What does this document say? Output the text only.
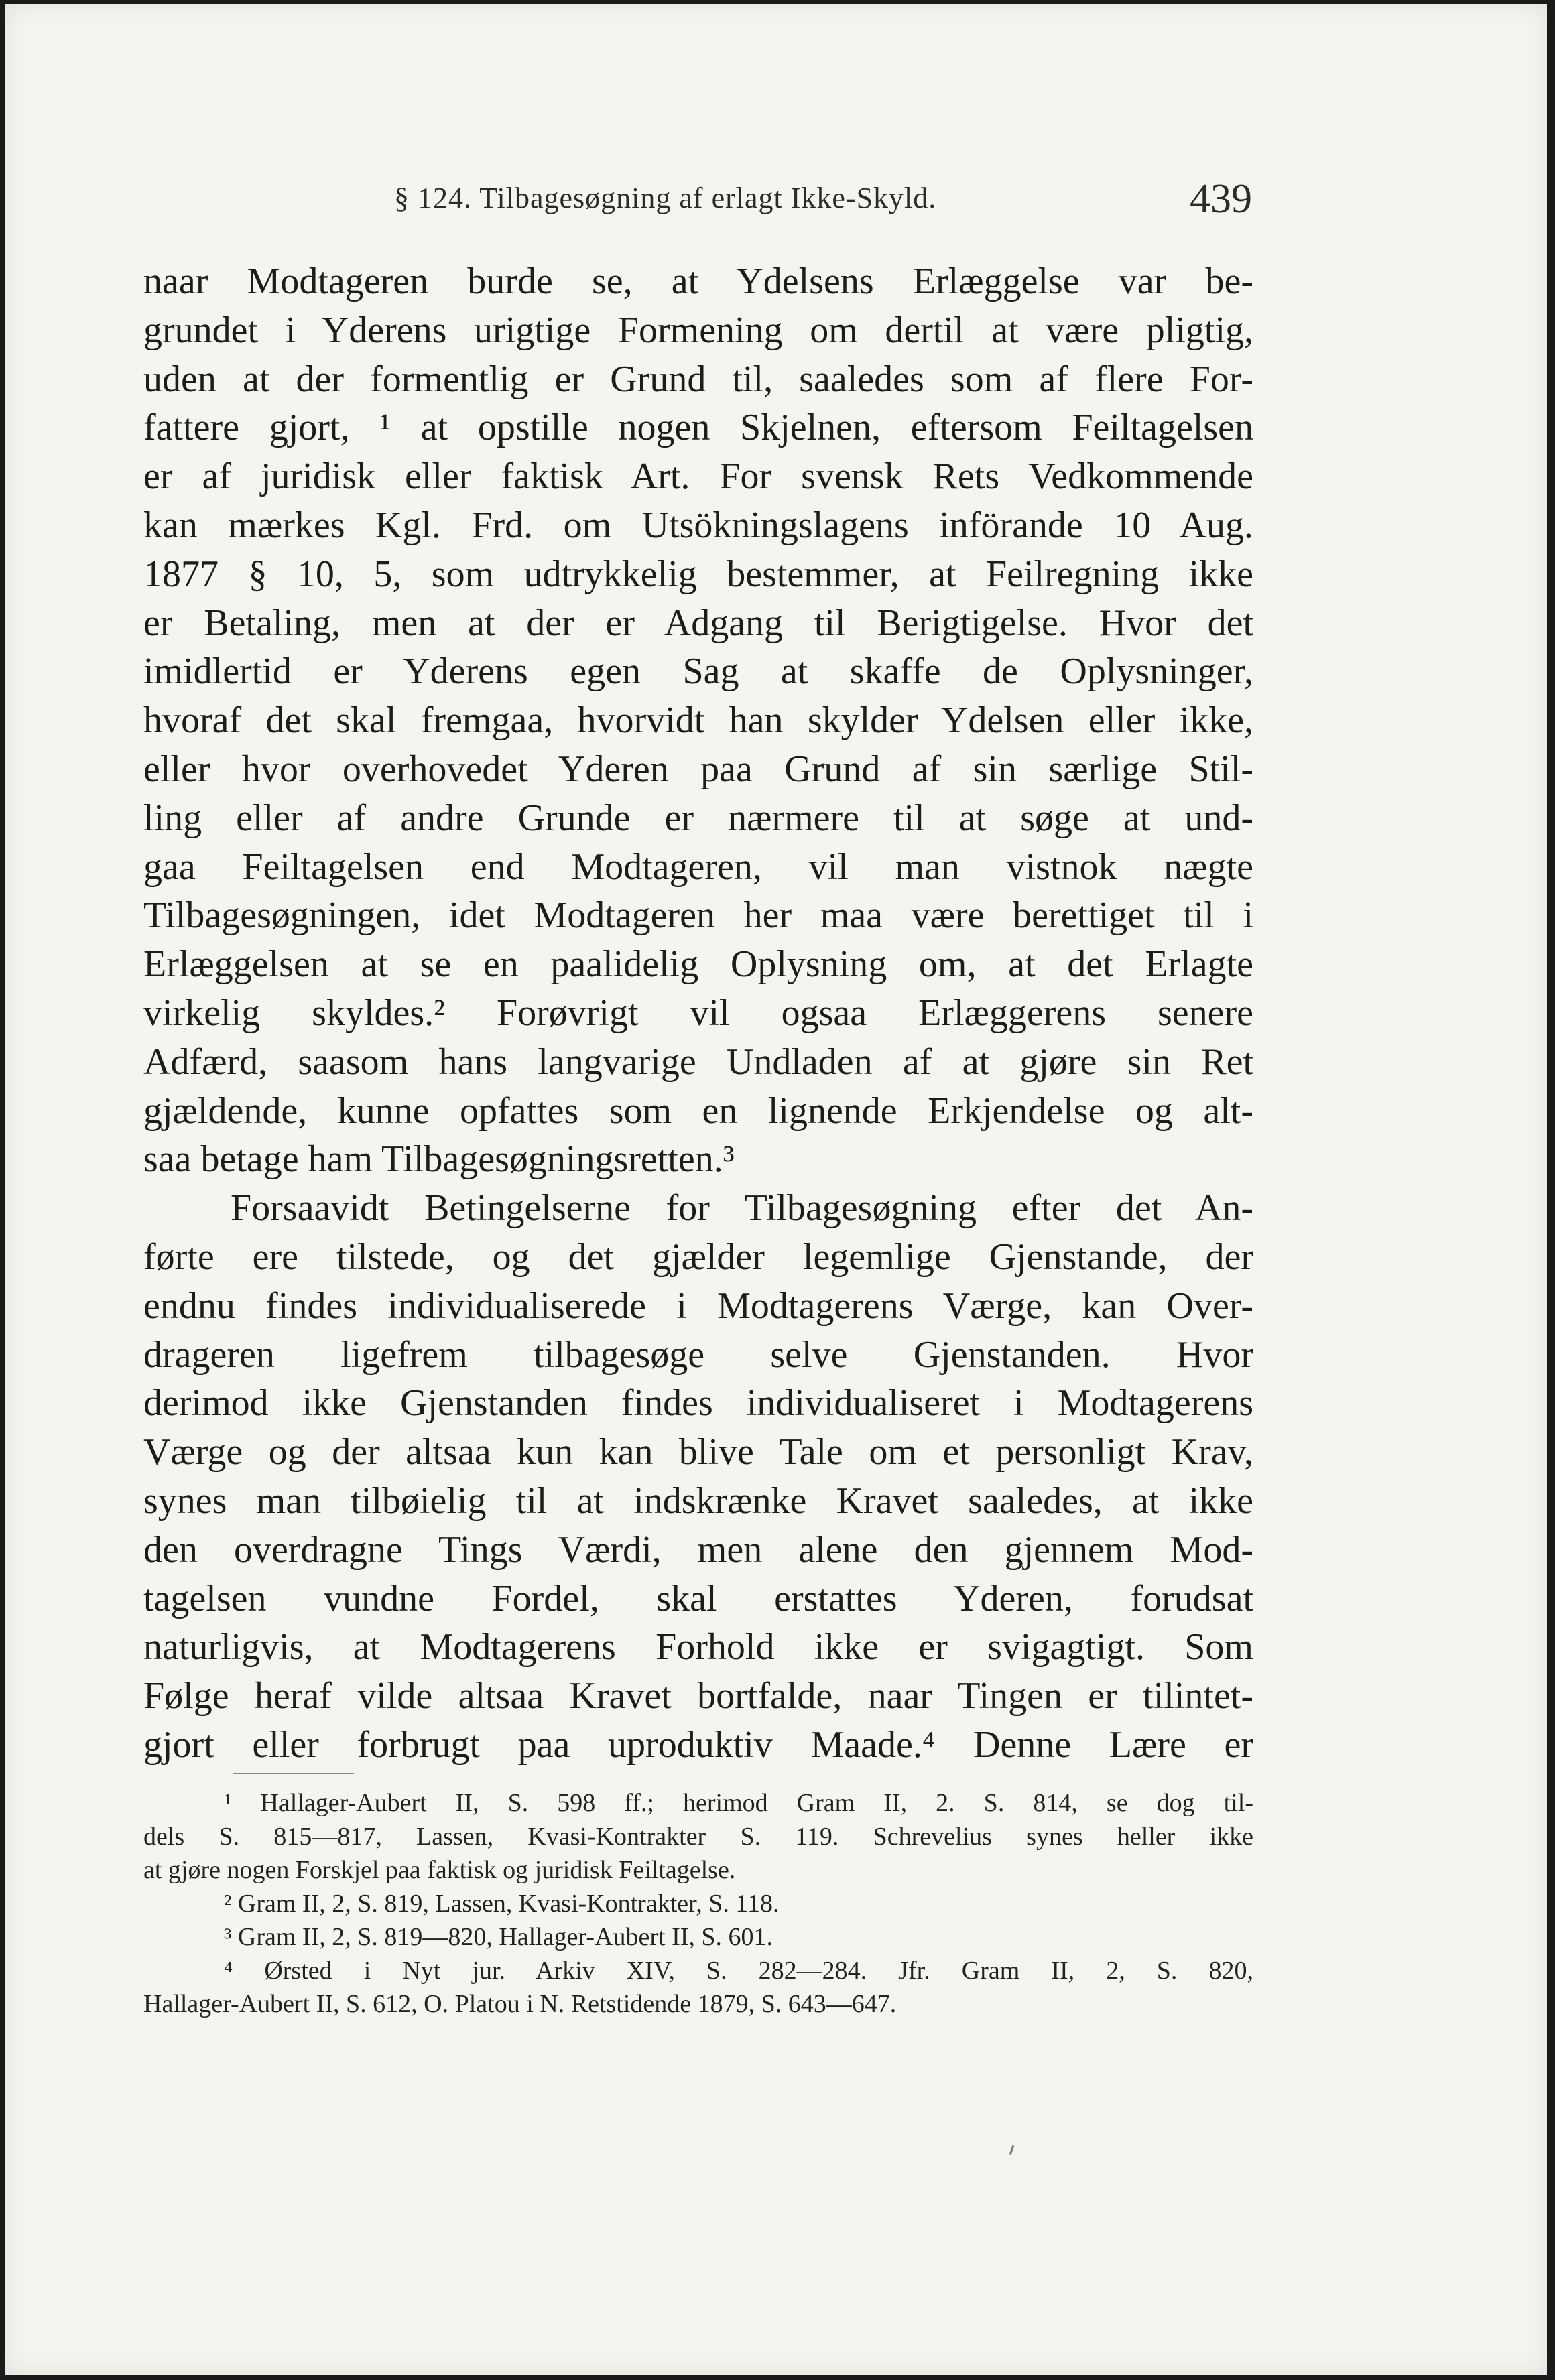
§ 124. Tilbagesøgning af erlagt Ikke-Skyld.	439
naar Modtageren burde se, at Ydelsens Erlæggelse var be-
grundet i Yderens urigtige Formening om dertil at være pligtig,
uden at der formentlig er Grund til, saaledes som af flere For-
fattere gjort, ¹ at opstille nogen Skjelnen, eftersom Feiltagelsen
er af juridisk eller faktisk Art. For svensk Rets Vedkommende
kan mærkes Kgl. Frd. om Utsökningslagens införande 10 Aug.
1877 § 10, 5, som udtrykkelig bestemmer, at Feilregning ikke
er Betaling, men at der er Adgang til Berigtigelse. Hvor det
imidlertid er Yderens egen Sag at skaffe de Oplysninger,
hvoraf det skal fremgaa, hvorvidt han skylder Ydelsen eller ikke,
eller hvor overhovedet Yderen paa Grund af sin særlige Stil-
ling eller af andre Grunde er nærmere til at søge at und-
gaa Feiltagelsen end Modtageren, vil man vistnok nægte
Tilbagesøgningen, idet Modtageren her maa være berettiget til i
Erlæggelsen at se en paalidelig Oplysning om, at det Erlagte
virkelig skyldes.² Forøvrigt vil ogsaa Erlæggerens senere
Adfærd, saasom hans langvarige Undladen af at gjøre sin Ret
gjældende, kunne opfattes som en lignende Erkjendelse og alt-
saa betage ham Tilbagesøgningsretten.³
Forsaavidt Betingelserne for Tilbagesøgning efter det An-
førte ere tilstede, og det gjælder legemlige Gjenstande, der
endnu findes individualiserede i Modtagerens Værge, kan Over-
drageren ligefrem tilbagesøge selve Gjenstanden. Hvor
derimod ikke Gjenstanden findes individualiseret i Modtagerens
Værge og der altsaa kun kan blive Tale om et personligt Krav,
synes man tilbøielig til at indskrænke Kravet saaledes, at ikke
den overdragne Tings Værdi, men alene den gjennem Mod-
tagelsen vundne Fordel, skal erstattes Yderen, forudsat
naturligvis, at Modtagerens Forhold ikke er svigagtigt. Som
Følge heraf vilde altsaa Kravet bortfalde, naar Tingen er tilintet-
gjort eller forbrugt paa uproduktiv Maade.⁴ Denne Lære er
¹ Hallager-Aubert II, S. 598 ff.; herimod Gram II, 2. S. 814, se dog til-
dels S. 815—817, Lassen, Kvasi-Kontrakter S. 119. Schrevelius synes heller ikke
at gjøre nogen Forskjel paa faktisk og juridisk Feiltagelse.
² Gram II, 2, S. 819, Lassen, Kvasi-Kontrakter, S. 118.
³ Gram II, 2, S. 819—820, Hallager-Aubert II, S. 601.
⁴ Ørsted i Nyt jur. Arkiv XIV, S. 282—284. Jfr. Gram II, 2, S. 820,
Hallager-Aubert II, S. 612, O. Platou i N. Retstidende 1879, S. 643—647.
